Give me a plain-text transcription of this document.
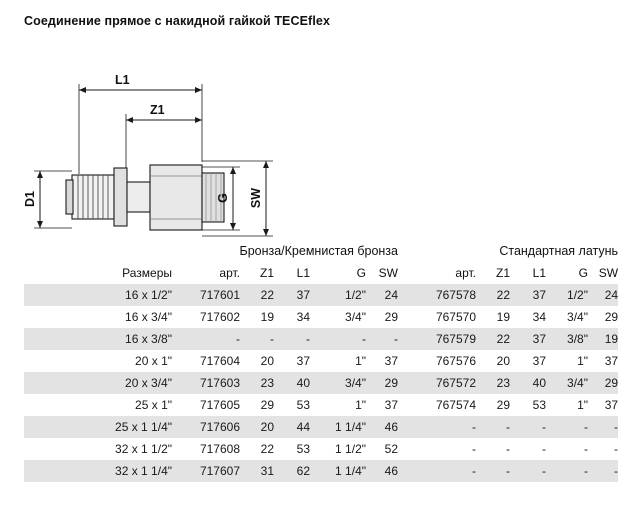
Соединение прямое с накидной гайкой TECEflex
L1
Z1
D1	G SW
	Бронза/Кремнистая бронза						Стандартная латунь				
Размеры	арт.	Z1	L1	G	SW		арт.	Z1	L1	G	SW
16 x 1/2"	717601	22	37	1/2"	24		767578	22	37	1/2"	24
16 x 3/4"	717602	19	34	3/4"	29		767570	19	34	3/4"	29
16 x 3/8"	-	-	-	-	-		767579	22	37	3/8"	19
20 x 1"	717604	20	37	1"	37		767576	20	37	1"	37
20 x 3/4"	717603	23	40	3/4"	29		767572	23	40	3/4"	29
25 x 1"	717605	29	53	1"	37		767574	29	53	1"	37
25 x 1 1/4"	717606	20	44	1 1/4"	46		-	-	-	-	-
32 x 1 1/2"	717608	22	53	1 1/2"	52		-	-	-	-	-
32 x 1 1/4"	717607	31	62	1 1/4"	46		-	-	-	-	-
